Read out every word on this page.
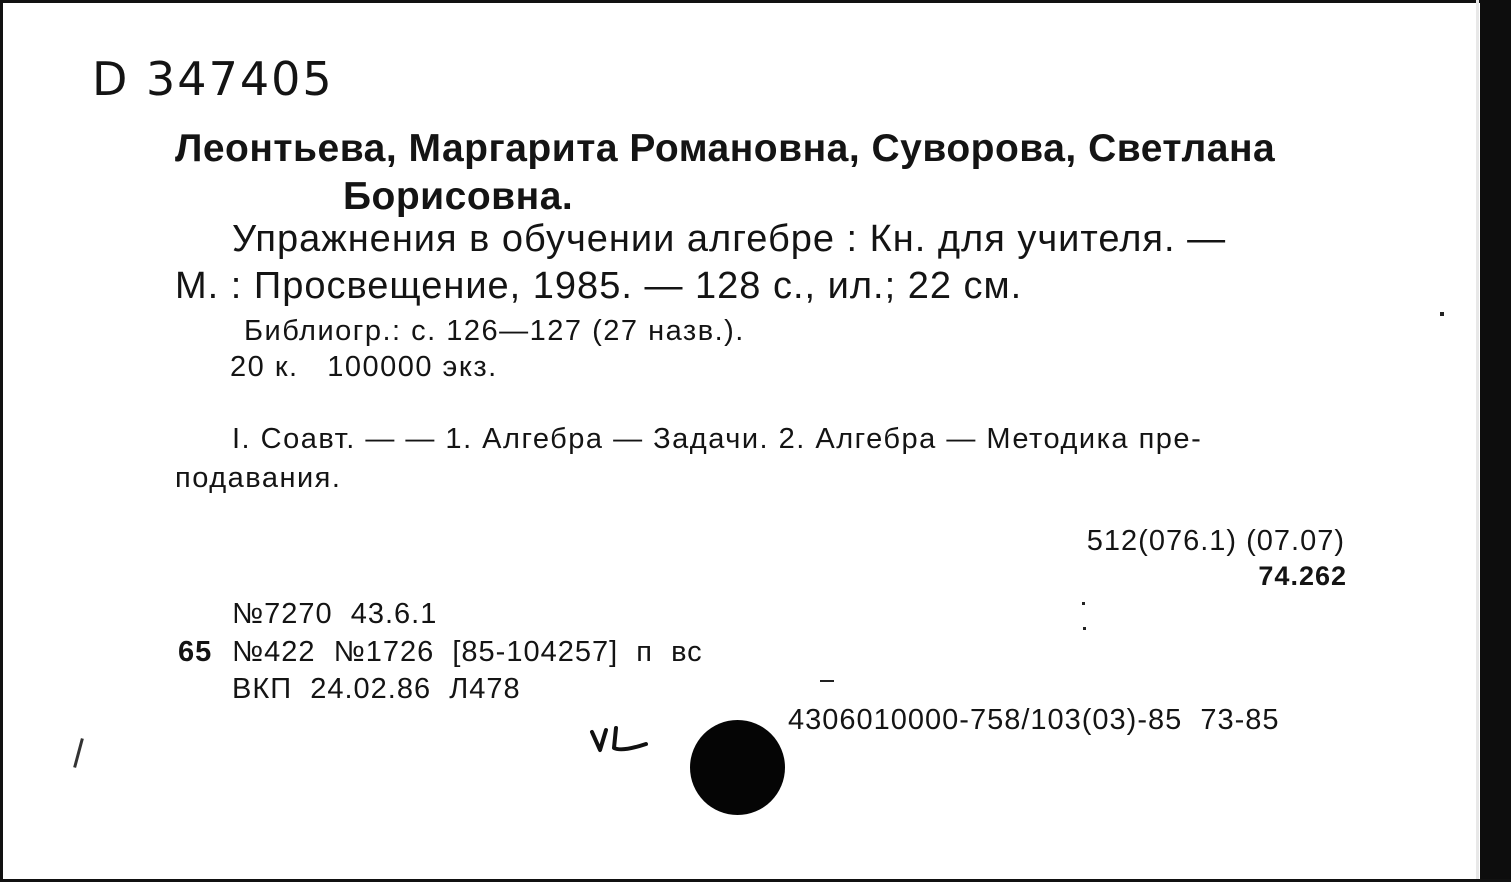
D 347405
Леонтьева, Маргарита Романовна, Суворова, Светлана
Борисовна.
Упражнения в обучении алгебре : Кн. для учителя. —
М. : Просвещение, 1985. — 128 с., ил.; 22 см.
Библиогр.: с. 126—127 (27 назв.).
20 к.   100000 экз.
I. Соавт. — — 1. Алгебра — Задачи. 2. Алгебра — Методика пре-
подавания.
512(076.1) (07.07)
74.262
№7270  43.6.1
65 №422  №1726  [85-104257]  п  вс
ВКП  24.02.86  Л478
4306010000-758/103(03)-85  73-85
